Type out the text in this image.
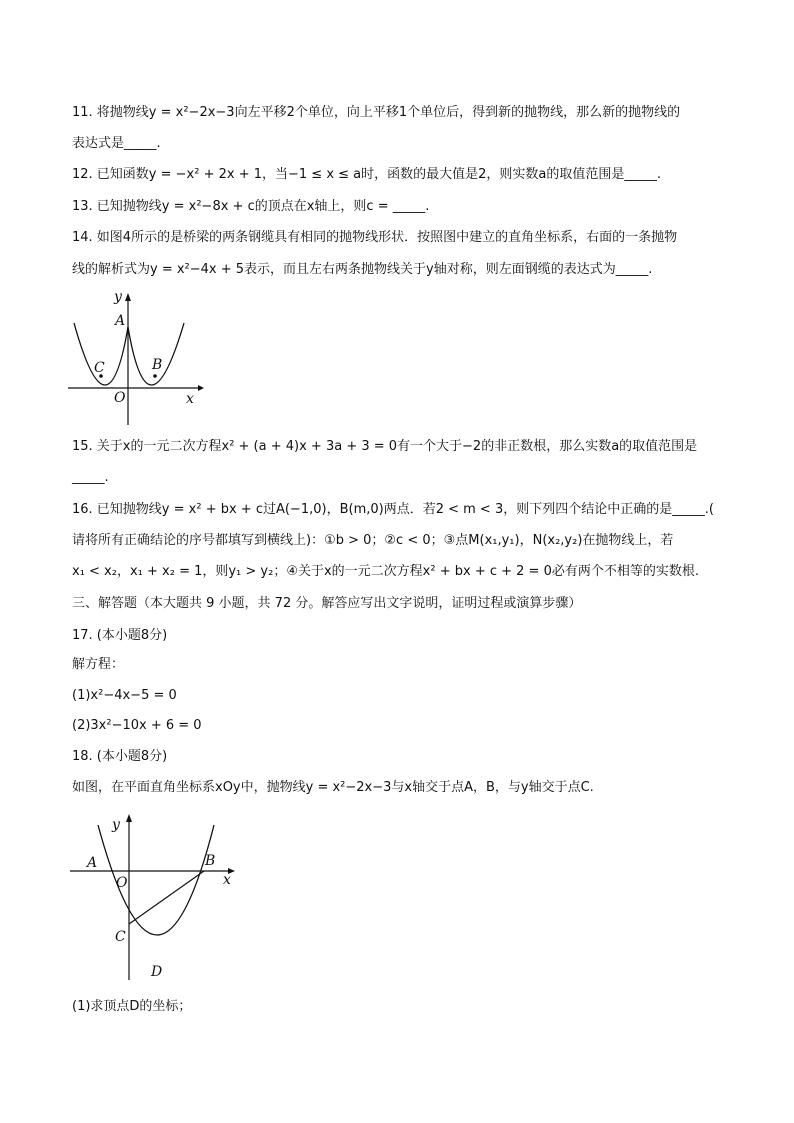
11. 将抛物线y = x²−2x−3向左平移2个单位，向上平移1个单位后，得到新的抛物线，那么新的抛物线的
表达式是_____.
12. 已知函数y = −x² + 2x + 1，当−1 ≤ x ≤ a时，函数的最大值是2，则实数a的取值范围是_____.
13. 已知抛物线y = x²−8x + c的顶点在x轴上，则c = _____.
14. 如图4所示的是桥梁的两条钢缆具有相同的抛物线形状．按照图中建立的直角坐标系，右面的一条抛物
线的解析式为y = x²−4x + 5表示，而且左右两条抛物线关于y轴对称，则左面钢缆的表达式为_____.
y
x
O
A
B
C
15. 关于x的一元二次方程x² + (a + 4)x + 3a + 3 = 0有一个大于−2的非正数根，那么实数a的取值范围是
_____.
16. 已知抛物线y = x² + bx + c过A(−1,0)，B(m,0)两点．若2 < m < 3，则下列四个结论中正确的是_____.(
请将所有正确结论的序号都填写到横线上)：①b > 0；②c < 0；③点M(x₁,y₁)，N(x₂,y₂)在抛物线上，若
x₁ < x₂，x₁ + x₂ = 1，则y₁ > y₂；④关于x的一元二次方程x² + bx + c + 2 = 0必有两个不相等的实数根.
三、解答题（本大题共 9 小题，共 72 分。解答应写出文字说明，证明过程或演算步骤）
17. (本小题8分)
解方程：
(1)x²−4x−5 = 0
(2)3x²−10x + 6 = 0
18. (本小题8分)
如图，在平面直角坐标系xOy中，抛物线y = x²−2x−3与x轴交于点A，B，与y轴交于点C.
y
x
O
A	B
C
D
(1)求顶点D的坐标；
